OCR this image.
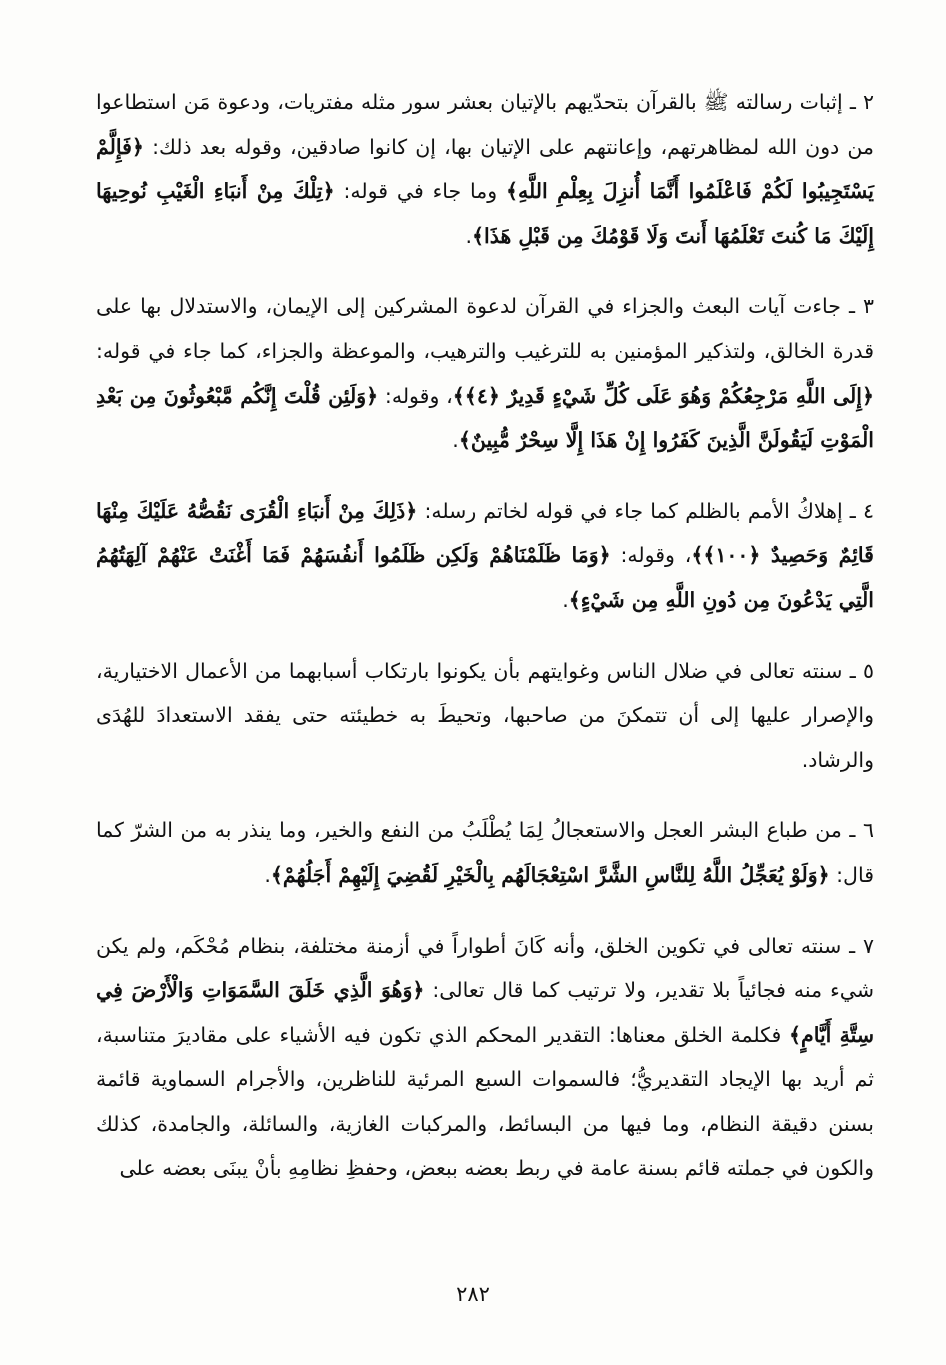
٢ ـ إثبات رسالته ﷺ بالقرآن بتحدّيهم بالإتيان بعشر سور مثله مفتريات، ودعوة مَن استطاعوا من دون الله لمظاهرتهم، وإعانتهم على الإتيان بها، إن كانوا صادقين، وقوله بعد ذلك: ﴿فَإِلَّمْ يَسْتَجِيبُوا لَكُمْ فَاعْلَمُوا أَنَّمَا أُنزِلَ بِعِلْمِ اللَّهِ﴾ وما جاء في قوله: ﴿تِلْكَ مِنْ أَنبَاءِ الْغَيْبِ نُوحِيهَا إِلَيْكَ مَا كُنتَ تَعْلَمُهَا أَنتَ وَلَا قَوْمُكَ مِن قَبْلِ هَذَا﴾.

٣ ـ جاءت آيات البعث والجزاء في القرآن لدعوة المشركين إلى الإيمان، والاستدلال بها على قدرة الخالق، ولتذكير المؤمنين به للترغيب والترهيب، والموعظة والجزاء، كما جاء في قوله: ﴿إِلَى اللَّهِ مَرْجِعُكُمْ وَهُوَ عَلَى كُلِّ شَيْءٍ قَدِيرٌ ﴿٤﴾﴾، وقوله: ﴿وَلَئِن قُلْتَ إِنَّكُم مَّبْعُوثُونَ مِن بَعْدِ الْمَوْتِ لَيَقُولَنَّ الَّذِينَ كَفَرُوا إِنْ هَذَا إِلَّا سِحْرٌ مُّبِينٌ﴾.

٤ ـ إهلاكُ الأمم بالظلم كما جاء في قوله لخاتم رسله: ﴿ذَلِكَ مِنْ أَنبَاءِ الْقُرَى نَقُصُّهُ عَلَيْكَ مِنْهَا قَائِمٌ وَحَصِيدٌ ﴿١٠٠﴾﴾، وقوله: ﴿وَمَا ظَلَمْنَاهُمْ وَلَكِن ظَلَمُوا أَنفُسَهُمْ فَمَا أَغْنَتْ عَنْهُمْ آلِهَتُهُمُ الَّتِي يَدْعُونَ مِن دُونِ اللَّهِ مِن شَيْءٍ﴾.

٥ ـ سنته تعالى في ضلال الناس وغوايتهم بأن يكونوا بارتكاب أسبابهما من الأعمال الاختيارية، والإصرار عليها إلى أن تتمكنَ من صاحبها، وتحيطَ به خطيئته حتى يفقد الاستعدادَ للهُدَى والرشاد.

٦ ـ من طباع البشر العجل والاستعجالُ لِمَا يُطْلَبُ من النفع والخير، وما ينذر به من الشرّ كما قال: ﴿وَلَوْ يُعَجِّلُ اللَّهُ لِلنَّاسِ الشَّرَّ اسْتِعْجَالَهُم بِالْخَيْرِ لَقُضِيَ إِلَيْهِمْ أَجَلُهُمْ﴾.

٧ ـ سنته تعالى في تكوين الخلق، وأنه كَانَ أطواراً في أزمنة مختلفة، بنظام مُحْكَم، ولم يكن شيء منه فجائياً بلا تقدير، ولا ترتيب كما قال تعالى: ﴿وَهُوَ الَّذِي خَلَقَ السَّمَوَاتِ وَالْأَرْضَ فِي سِتَّةِ أَيَّامٍ﴾ فكلمة الخلق معناها: التقدير المحكم الذي تكون فيه الأشياء على مقاديرَ متناسبة، ثم أريد بها الإيجاد التقديريُّ؛ فالسموات السبع المرئية للناظرين، والأجرام السماوية قائمة بسنن دقيقة النظام، وما فيها من البسائط، والمركبات الغازية، والسائلة، والجامدة، كذلك والكون في جملته قائم بسنة عامة في ربط بعضه ببعض، وحفظِ نظامِهِ بأنْ يبنَى بعضه على

٢٨٢
